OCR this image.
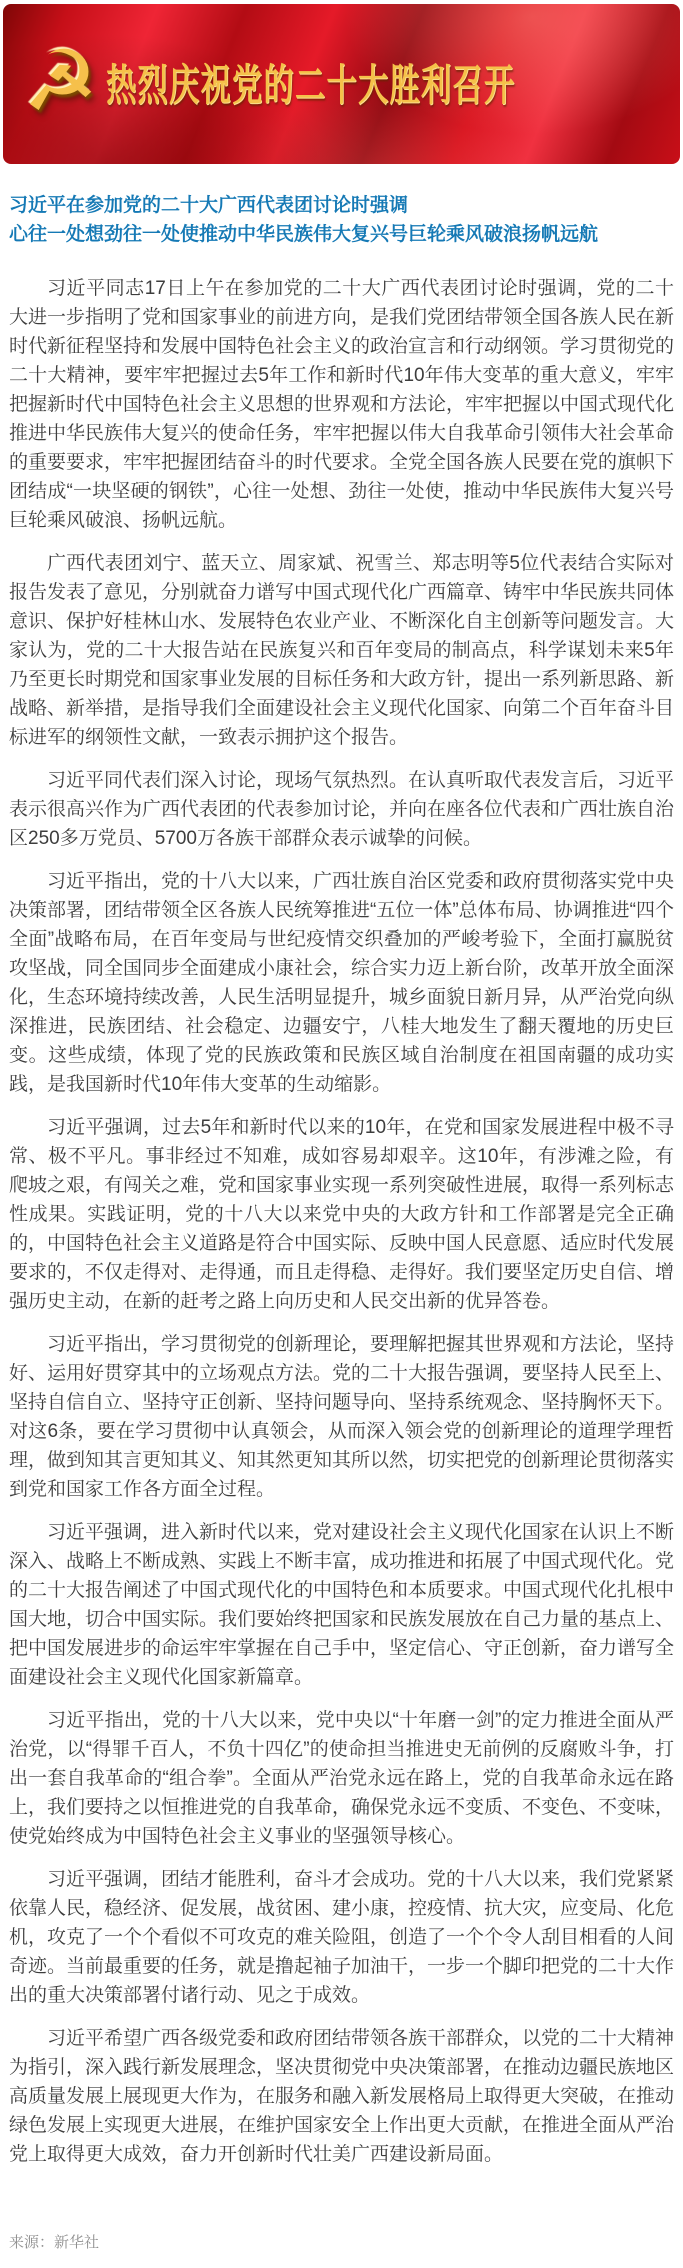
☭ 热烈庆祝党的二十大胜利召开
习近平在参加党的二十大广西代表团讨论时强调
心往一处想劲往一处使推动中华民族伟大复兴号巨轮乘风破浪扬帆远航

习近平同志17日上午在参加党的二十大广西代表团讨论时强调，党的二十大进一步指明了党和国家事业的前进方向，是我们党团结带领全国各族人民在新时代新征程坚持和发展中国特色社会主义的政治宣言和行动纲领。学习贯彻党的二十大精神，要牢牢把握过去5年工作和新时代10年伟大变革的重大意义，牢牢把握新时代中国特色社会主义思想的世界观和方法论，牢牢把握以中国式现代化推进中华民族伟大复兴的使命任务，牢牢把握以伟大自我革命引领伟大社会革命的重要要求，牢牢把握团结奋斗的时代要求。全党全国各族人民要在党的旗帜下团结成“一块坚硬的钢铁”，心往一处想、劲往一处使，推动中华民族伟大复兴号巨轮乘风破浪、扬帆远航。

广西代表团刘宁、蓝天立、周家斌、祝雪兰、郑志明等5位代表结合实际对报告发表了意见，分别就奋力谱写中国式现代化广西篇章、铸牢中华民族共同体意识、保护好桂林山水、发展特色农业产业、不断深化自主创新等问题发言。大家认为，党的二十大报告站在民族复兴和百年变局的制高点，科学谋划未来5年乃至更长时期党和国家事业发展的目标任务和大政方针，提出一系列新思路、新战略、新举措，是指导我们全面建设社会主义现代化国家、向第二个百年奋斗目标进军的纲领性文献，一致表示拥护这个报告。

习近平同代表们深入讨论，现场气氛热烈。在认真听取代表发言后，习近平表示很高兴作为广西代表团的代表参加讨论，并向在座各位代表和广西壮族自治区250多万党员、5700万各族干部群众表示诚挚的问候。

习近平指出，党的十八大以来，广西壮族自治区党委和政府贯彻落实党中央决策部署，团结带领全区各族人民统筹推进“五位一体”总体布局、协调推进“四个全面”战略布局，在百年变局与世纪疫情交织叠加的严峻考验下，全面打赢脱贫攻坚战，同全国同步全面建成小康社会，综合实力迈上新台阶，改革开放全面深化，生态环境持续改善，人民生活明显提升，城乡面貌日新月异，从严治党向纵深推进，民族团结、社会稳定、边疆安宁，八桂大地发生了翻天覆地的历史巨变。这些成绩，体现了党的民族政策和民族区域自治制度在祖国南疆的成功实践，是我国新时代10年伟大变革的生动缩影。

习近平强调，过去5年和新时代以来的10年，在党和国家发展进程中极不寻常、极不平凡。事非经过不知难，成如容易却艰辛。这10年，有涉滩之险，有爬坡之艰，有闯关之难，党和国家事业实现一系列突破性进展，取得一系列标志性成果。实践证明，党的十八大以来党中央的大政方针和工作部署是完全正确的，中国特色社会主义道路是符合中国实际、反映中国人民意愿、适应时代发展要求的，不仅走得对、走得通，而且走得稳、走得好。我们要坚定历史自信、增强历史主动，在新的赶考之路上向历史和人民交出新的优异答卷。

习近平指出，学习贯彻党的创新理论，要理解把握其世界观和方法论，坚持好、运用好贯穿其中的立场观点方法。党的二十大报告强调，要坚持人民至上、坚持自信自立、坚持守正创新、坚持问题导向、坚持系统观念、坚持胸怀天下。对这6条，要在学习贯彻中认真领会，从而深入领会党的创新理论的道理学理哲理，做到知其言更知其义、知其然更知其所以然，切实把党的创新理论贯彻落实到党和国家工作各方面全过程。

习近平强调，进入新时代以来，党对建设社会主义现代化国家在认识上不断深入、战略上不断成熟、实践上不断丰富，成功推进和拓展了中国式现代化。党的二十大报告阐述了中国式现代化的中国特色和本质要求。中国式现代化扎根中国大地，切合中国实际。我们要始终把国家和民族发展放在自己力量的基点上、把中国发展进步的命运牢牢掌握在自己手中，坚定信心、守正创新，奋力谱写全面建设社会主义现代化国家新篇章。

习近平指出，党的十八大以来，党中央以“十年磨一剑”的定力推进全面从严治党，以“得罪千百人，不负十四亿”的使命担当推进史无前例的反腐败斗争，打出一套自我革命的“组合拳”。全面从严治党永远在路上，党的自我革命永远在路上，我们要持之以恒推进党的自我革命，确保党永远不变质、不变色、不变味，使党始终成为中国特色社会主义事业的坚强领导核心。

习近平强调，团结才能胜利，奋斗才会成功。党的十八大以来，我们党紧紧依靠人民，稳经济、促发展，战贫困、建小康，控疫情、抗大灾，应变局、化危机，攻克了一个个看似不可攻克的难关险阻，创造了一个个令人刮目相看的人间奇迹。当前最重要的任务，就是撸起袖子加油干，一步一个脚印把党的二十大作出的重大决策部署付诸行动、见之于成效。

习近平希望广西各级党委和政府团结带领各族干部群众，以党的二十大精神为指引，深入践行新发展理念，坚决贯彻党中央决策部署，在推动边疆民族地区高质量发展上展现更大作为，在服务和融入新发展格局上取得更大突破，在推动绿色发展上实现更大进展，在维护国家安全上作出更大贡献，在推进全面从严治党上取得更大成效，奋力开创新时代壮美广西建设新局面。

来源：新华社
